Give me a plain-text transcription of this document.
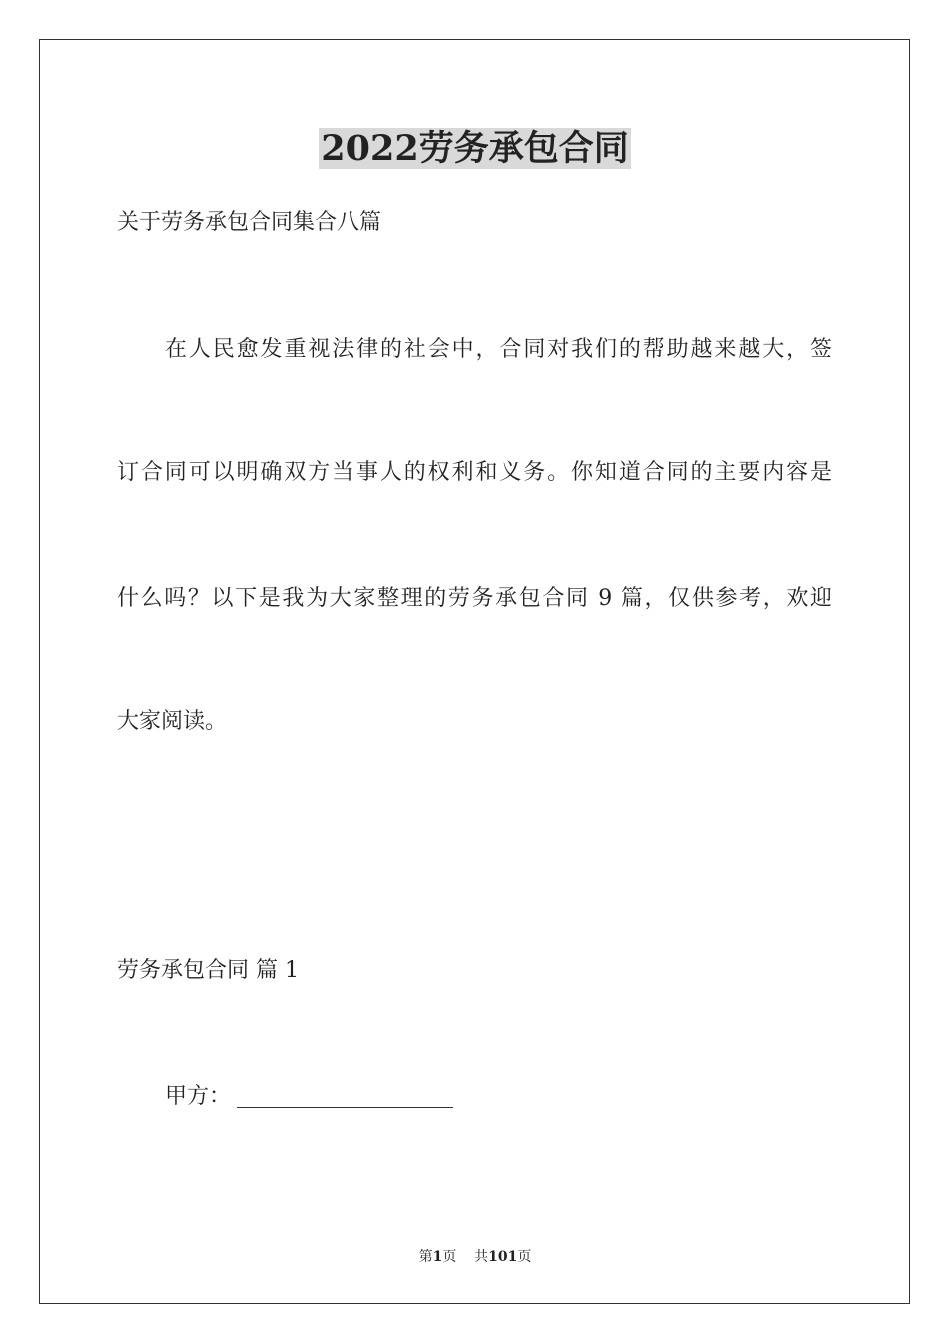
2022劳务承包合同

关于劳务承包合同集合八篇

在人民愈发重视法律的社会中，合同对我们的帮助越来越大，签

订合同可以明确双方当事人的权利和义务。你知道合同的主要内容是

什么吗？以下是我为大家整理的劳务承包合同 9 篇，仅供参考，欢迎

大家阅读。

劳务承包合同 篇 1

甲方：
第1页 共101页
